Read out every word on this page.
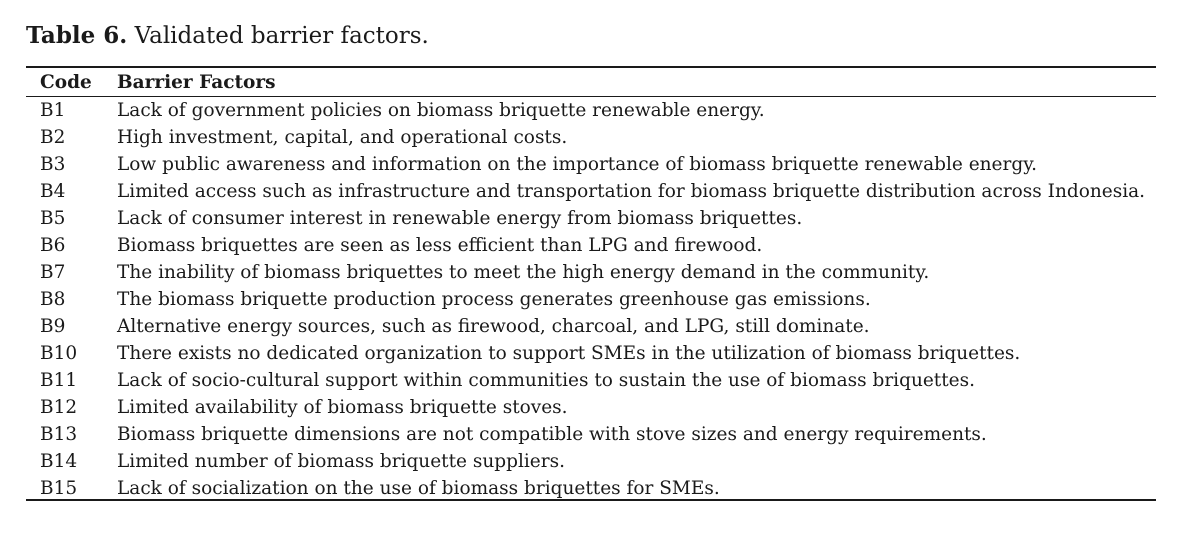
Table 6. Validated barrier factors.
Code Barrier Factors
B1	Lack of government policies on biomass briquette renewable energy.
B2	High investment, capital, and operational costs.
B3	Low public awareness and information on the importance of biomass briquette renewable energy.
B4	Limited access such as infrastructure and transportation for biomass briquette distribution across Indonesia.
B5	Lack of consumer interest in renewable energy from biomass briquettes.
B6	Biomass briquettes are seen as less efficient than LPG and firewood.
B7	The inability of biomass briquettes to meet the high energy demand in the community.
B8	The biomass briquette production process generates greenhouse gas emissions.
B9	Alternative energy sources, such as firewood, charcoal, and LPG, still dominate.
B10 There exists no dedicated organization to support SMEs in the utilization of biomass briquettes.
B11 Lack of socio-cultural support within communities to sustain the use of biomass briquettes.
B12 Limited availability of biomass briquette stoves.
B13 Biomass briquette dimensions are not compatible with stove sizes and energy requirements.
B14 Limited number of biomass briquette suppliers.
B15 Lack of socialization on the use of biomass briquettes for SMEs.
